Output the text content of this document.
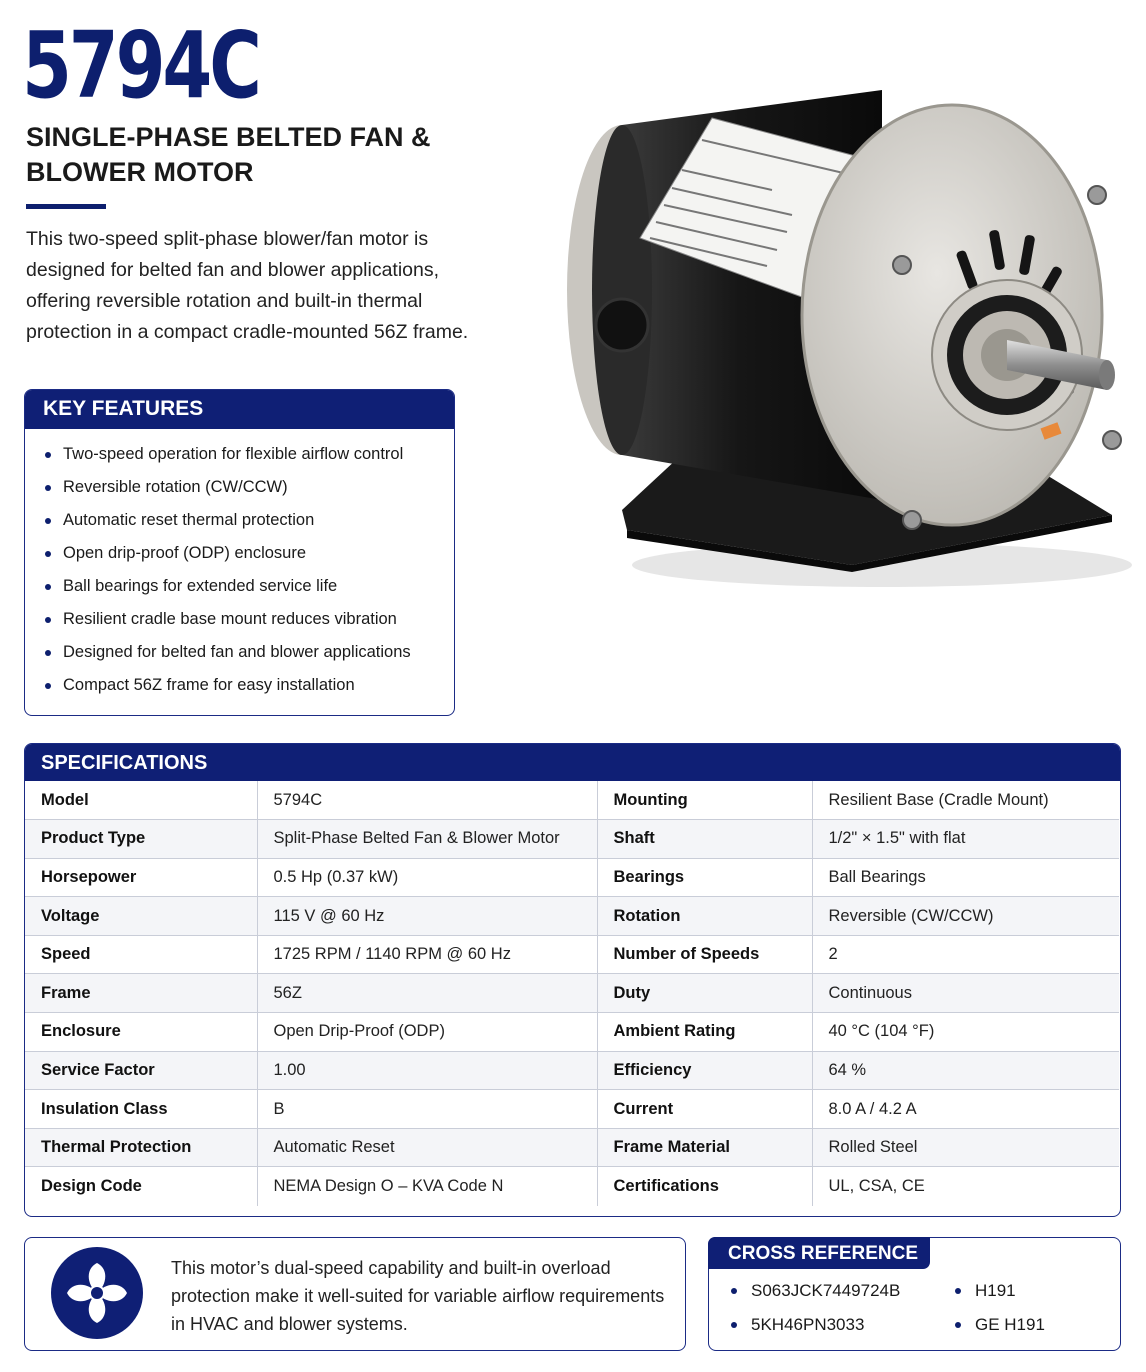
5794C
SINGLE-PHASE BELTED FAN &
BLOWER MOTOR

This two-speed split-phase blower/fan motor is designed for belted fan and blower applications, offering reversible rotation and built-in thermal protection in a compact cradle-mounted 56Z frame.

KEY FEATURES
Two-speed operation for flexible airflow control
Reversible rotation (CW/CCW)
Automatic reset thermal protection
Open drip-proof (ODP) enclosure
Ball bearings for extended service life
Resilient cradle base mount reduces vibration
Designed for belted fan and blower applications
Compact 56Z frame for easy installation
SPECIFICATIONS
Model	5794C	Mounting	Resilient Base (Cradle Mount)
Product Type	Split-Phase Belted Fan & Blower Motor	Shaft	1/2" × 1.5" with flat
Horsepower	0.5 Hp (0.37 kW)	Bearings	Ball Bearings
Voltage	115 V @ 60 Hz	Rotation	Reversible (CW/CCW)
Speed	1725 RPM / 1140 RPM @ 60 Hz	Number of Speeds	2
Frame	56Z	Duty	Continuous
Enclosure	Open Drip-Proof (ODP)	Ambient Rating	40 °C (104 °F)
Service Factor	1.00	Efficiency	64 %
Insulation Class	B	Current	8.0 A / 4.2 A
Thermal Protection	Automatic Reset	Frame Material	Rolled Steel
Design Code	NEMA Design O – KVA Code N	Certifications	UL, CSA, CE

This motor’s dual-speed capability and built-in overload protection make it well-suited for variable airflow requirements in HVAC and blower systems.

CROSS REFERENCE
S063JCK7449724B	H191
5KH46PN3033	GE H191
